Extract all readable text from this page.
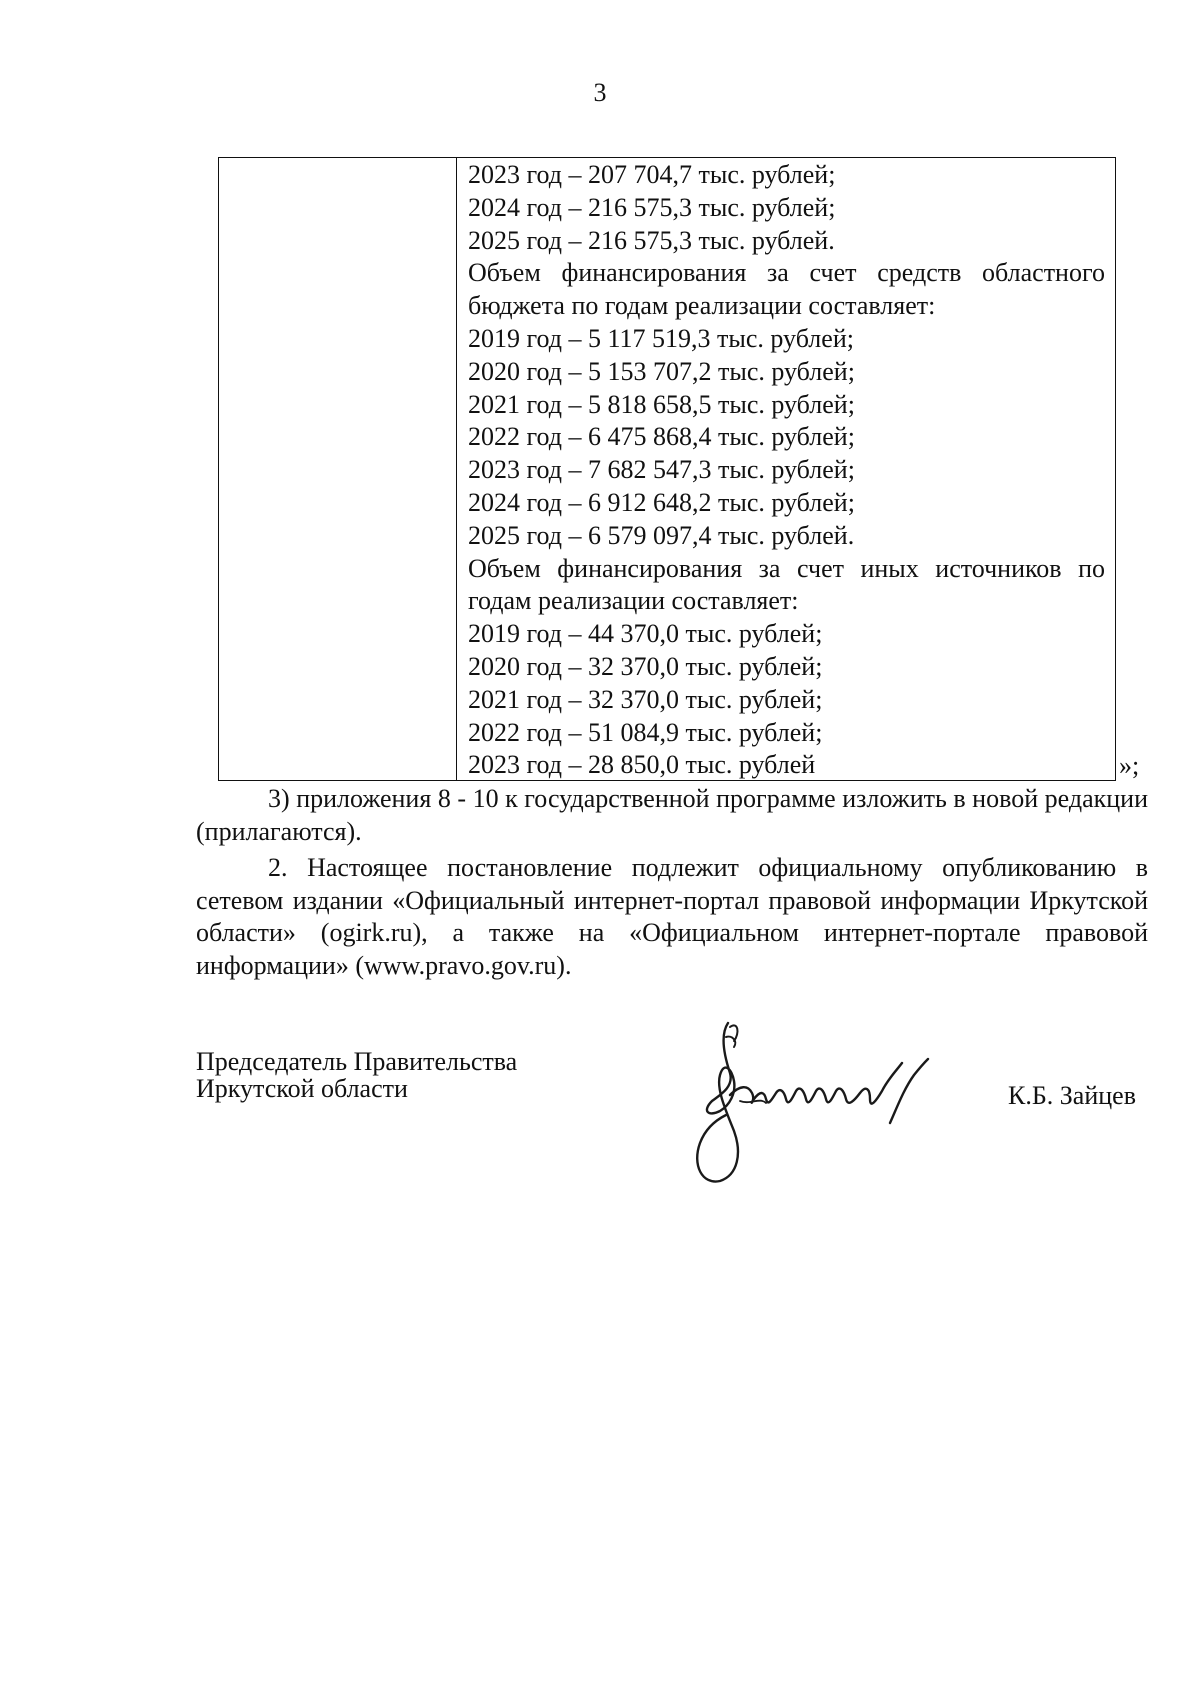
3
2023 год – 207 704,7 тыс. рублей;
2024 год – 216 575,3 тыс. рублей;
2025 год – 216 575,3 тыс. рублей.
Объем финансирования за счет средств областного бюджета по годам реализации составляет:
2019 год – 5 117 519,3 тыс. рублей;
2020 год – 5 153 707,2 тыс. рублей;
2021 год – 5 818 658,5 тыс. рублей;
2022 год – 6 475 868,4 тыс. рублей;
2023 год – 7 682 547,3 тыс. рублей;
2024 год – 6 912 648,2 тыс. рублей;
2025 год – 6 579 097,4 тыс. рублей.
Объем финансирования за счет иных источников по годам реализации составляет:
2019 год – 44 370,0 тыс. рублей;
2020 год – 32 370,0 тыс. рублей;
2021 год – 32 370,0 тыс. рублей;
2022 год – 51 084,9 тыс. рублей;
2023 год – 28 850,0 тыс. рублей	»;

3) приложения 8 - 10 к государственной программе изложить в новой редакции (прилагаются).

2. Настоящее постановление подлежит официальному опубликованию в сетевом издании «Официальный интернет-портал правовой информации Иркутской области» (ogirk.ru), а также на «Официальном интернет-портале правовой информации» (www.pravo.gov.ru).

Председатель Правительства
Иркутской области	К.Б. Зайцев
